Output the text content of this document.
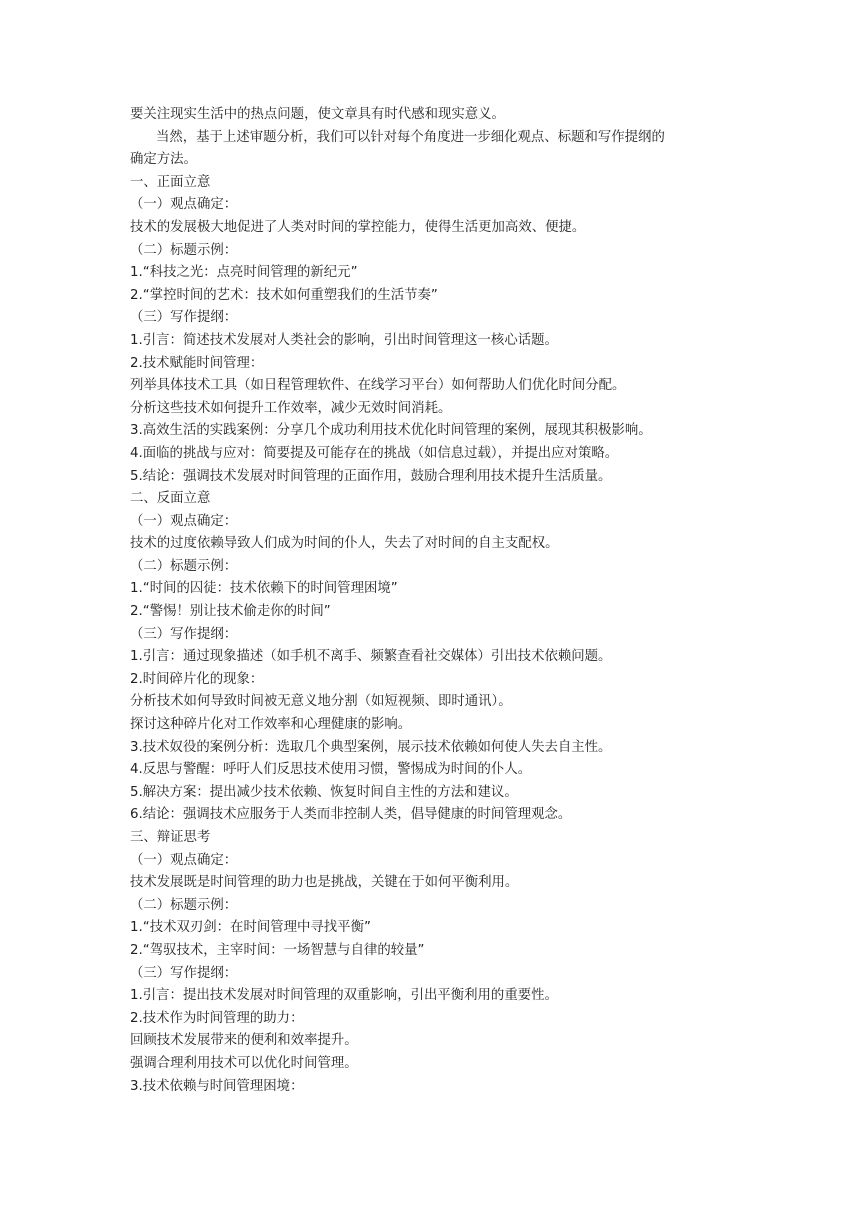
要关注现实生活中的热点问题，使文章具有时代感和现实意义。

当然，基于上述审题分析，我们可以针对每个角度进一步细化观点、标题和写作提纲的

确定方法。

一、正面立意

（一）观点确定：

技术的发展极大地促进了人类对时间的掌控能力，使得生活更加高效、便捷。

（二）标题示例：

1.“科技之光：点亮时间管理的新纪元”

2.“掌控时间的艺术：技术如何重塑我们的生活节奏”

（三）写作提纲：

1.引言：简述技术发展对人类社会的影响，引出时间管理这一核心话题。

2.技术赋能时间管理：

列举具体技术工具（如日程管理软件、在线学习平台）如何帮助人们优化时间分配。

分析这些技术如何提升工作效率，减少无效时间消耗。

3.高效生活的实践案例：分享几个成功利用技术优化时间管理的案例，展现其积极影响。

4.面临的挑战与应对：简要提及可能存在的挑战（如信息过载），并提出应对策略。

5.结论：强调技术发展对时间管理的正面作用，鼓励合理利用技术提升生活质量。

二、反面立意

（一）观点确定：

技术的过度依赖导致人们成为时间的仆人，失去了对时间的自主支配权。

（二）标题示例：

1.“时间的囚徒：技术依赖下的时间管理困境”

2.“警惕！别让技术偷走你的时间”

（三）写作提纲：

1.引言：通过现象描述（如手机不离手、频繁查看社交媒体）引出技术依赖问题。

2.时间碎片化的现象：

分析技术如何导致时间被无意义地分割（如短视频、即时通讯）。

探讨这种碎片化对工作效率和心理健康的影响。

3.技术奴役的案例分析：选取几个典型案例，展示技术依赖如何使人失去自主性。

4.反思与警醒：呼吁人们反思技术使用习惯，警惕成为时间的仆人。

5.解决方案：提出减少技术依赖、恢复时间自主性的方法和建议。

6.结论：强调技术应服务于人类而非控制人类，倡导健康的时间管理观念。

三、辩证思考

（一）观点确定：

技术发展既是时间管理的助力也是挑战，关键在于如何平衡利用。

（二）标题示例：

1.“技术双刃剑：在时间管理中寻找平衡”

2.“驾驭技术，主宰时间：一场智慧与自律的较量”

（三）写作提纲：

1.引言：提出技术发展对时间管理的双重影响，引出平衡利用的重要性。

2.技术作为时间管理的助力：

回顾技术发展带来的便利和效率提升。

强调合理利用技术可以优化时间管理。

3.技术依赖与时间管理困境：
